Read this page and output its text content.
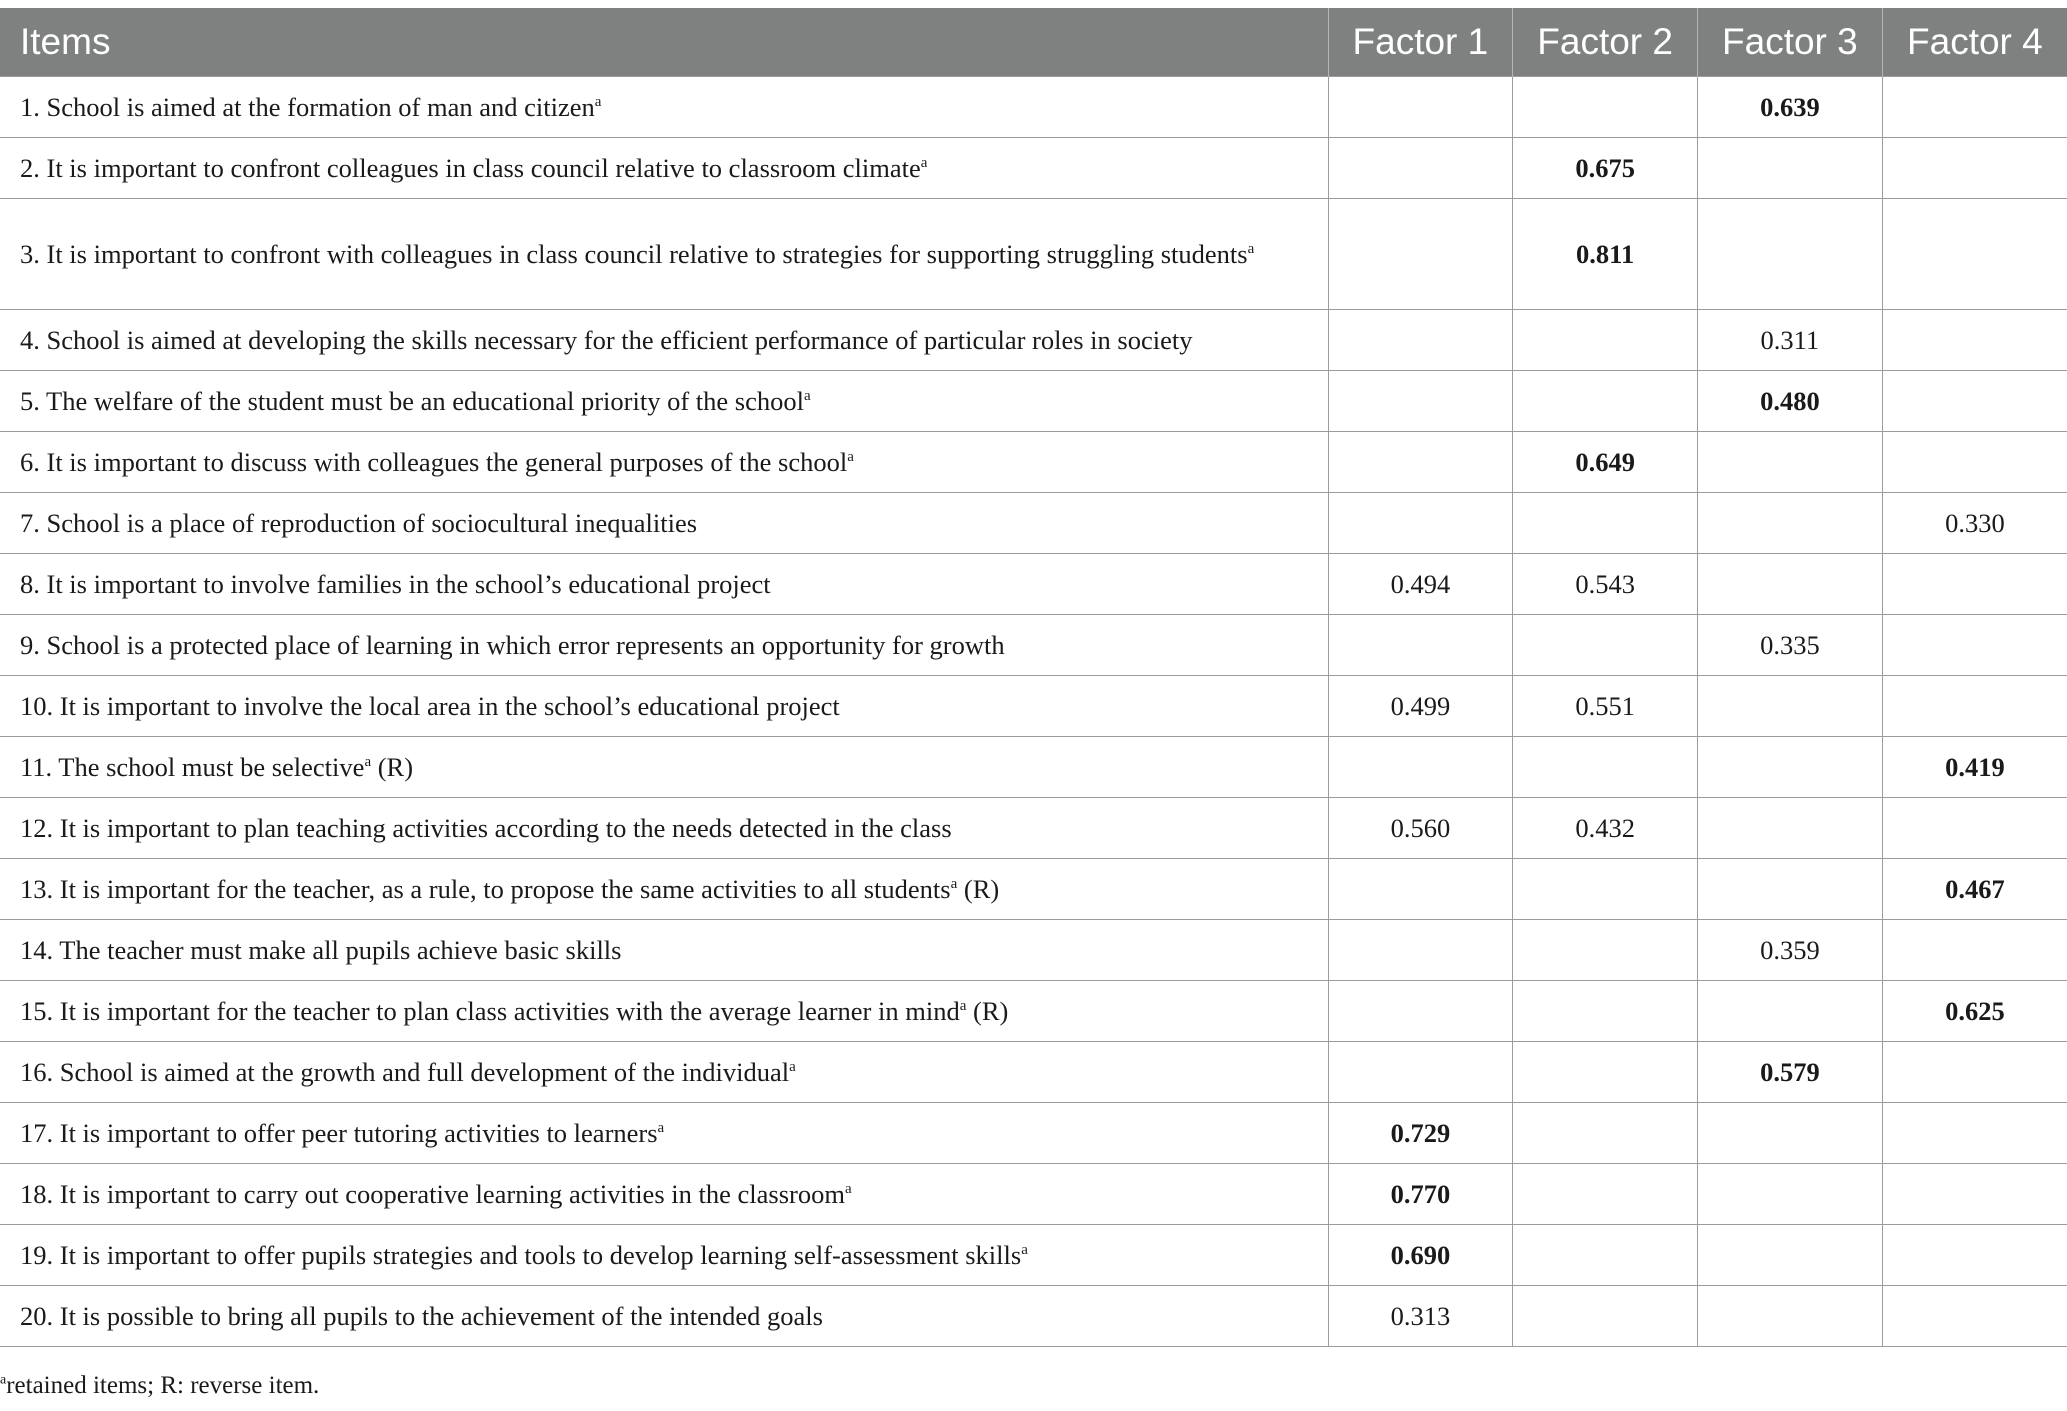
Items	Factor 1	Factor 2	Factor 3	Factor 4
1. School is aimed at the formation of man and citizen$^a$			0.639	
2. It is important to confront colleagues in class council relative to classroom climate$^a$		0.675		
3. It is important to confront with colleagues in class council relative to strategies for supporting struggling students$^a$		0.811		
4. School is aimed at developing the skills necessary for the efficient performance of particular roles in society			0.311	
5. The welfare of the student must be an educational priority of the school$^a$			0.480	
6. It is important to discuss with colleagues the general purposes of the school$^a$		0.649		
7. School is a place of reproduction of sociocultural inequalities				0.330
8. It is important to involve families in the school’s educational project	0.494	0.543		
9. School is a protected place of learning in which error represents an opportunity for growth			0.335	
10. It is important to involve the local area in the school’s educational project	0.499	0.551		
11. The school must be selective$^a$ (R)				0.419
12. It is important to plan teaching activities according to the needs detected in the class	0.560	0.432		
13. It is important for the teacher, as a rule, to propose the same activities to all students$^a$ (R)				0.467
14. The teacher must make all pupils achieve basic skills			0.359	
15. It is important for the teacher to plan class activities with the average learner in mind$^a$ (R)				0.625
16. School is aimed at the growth and full development of the individual$^a$			0.579	
17. It is important to offer peer tutoring activities to learners$^a$	0.729			
18. It is important to carry out cooperative learning activities in the classroom$^a$	0.770			
19. It is important to offer pupils strategies and tools to develop learning self-assessment skills$^a$	0.690			
20. It is possible to bring all pupils to the achievement of the intended goals	0.313			
$^a$retained items; R: reverse item.
